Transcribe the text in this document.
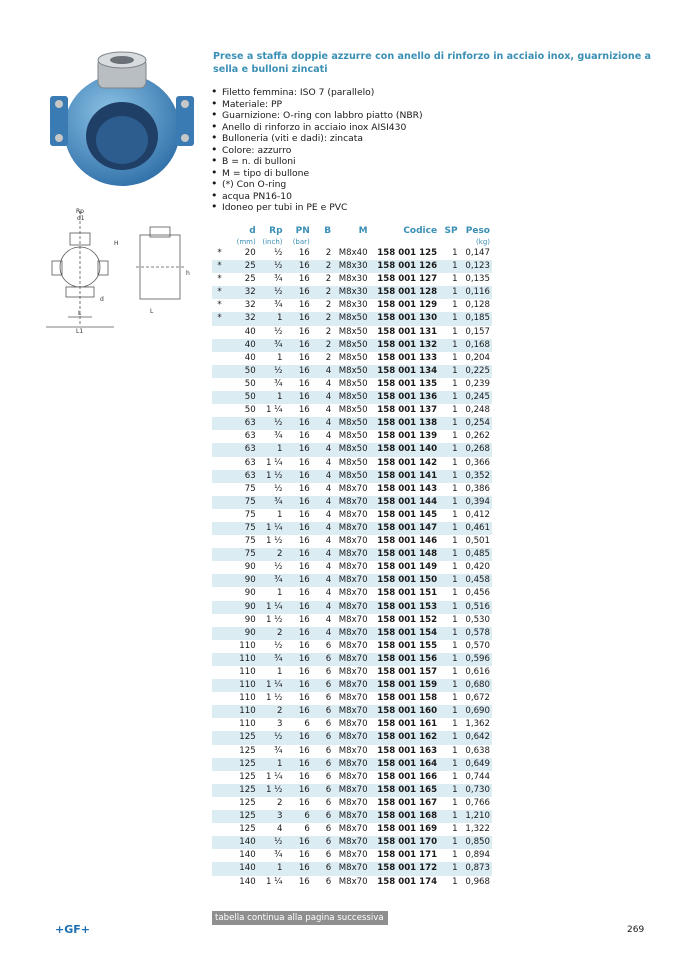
Rp
d1
H
h
L
L1
d
L
Prese a staffa doppie azzurre con anello di rinforzo in acciaio inox, guarnizione a sella e bulloni zincati
• Filetto femmina: ISO 7 (parallelo)
• Materiale: PP
• Guarnizione: O-ring con labbro piatto (NBR)
• Anello di rinforzo in acciaio inox AISI430
• Bulloneria (viti e dadi): zincata
• Colore: azzurro
• B = n. di bulloni
• M = tipo di bullone
• (*) Con O-ring
• acqua PN16-10
• Idoneo per tubi in PE e PVC
	d	Rp	PN	B	M	Codice	SP	Peso
	(mm)	(inch)	(bar)					(kg)
*	20	½	16	2	M8x40	158 001 125	1	0,147
*	25	½	16	2	M8x30	158 001 126	1	0,123
*	25	¾	16	2	M8x30	158 001 127	1	0,135
*	32	½	16	2	M8x30	158 001 128	1	0,116
*	32	¾	16	2	M8x30	158 001 129	1	0,128
*	32	1	16	2	M8x50	158 001 130	1	0,185
	40	½	16	2	M8x50	158 001 131	1	0,157
	40	¾	16	2	M8x50	158 001 132	1	0,168
	40	1	16	2	M8x50	158 001 133	1	0,204
	50	½	16	4	M8x50	158 001 134	1	0,225
	50	¾	16	4	M8x50	158 001 135	1	0,239
	50	1	16	4	M8x50	158 001 136	1	0,245
	50	1 ¼	16	4	M8x50	158 001 137	1	0,248
	63	½	16	4	M8x50	158 001 138	1	0,254
	63	¾	16	4	M8x50	158 001 139	1	0,262
	63	1	16	4	M8x50	158 001 140	1	0,268
	63	1 ¼	16	4	M8x50	158 001 142	1	0,366
	63	1 ½	16	4	M8x50	158 001 141	1	0,352
	75	½	16	4	M8x70	158 001 143	1	0,386
	75	¾	16	4	M8x70	158 001 144	1	0,394
	75	1	16	4	M8x70	158 001 145	1	0,412
	75	1 ¼	16	4	M8x70	158 001 147	1	0,461
	75	1 ½	16	4	M8x70	158 001 146	1	0,501
	75	2	16	4	M8x70	158 001 148	1	0,485
	90	½	16	4	M8x70	158 001 149	1	0,420
	90	¾	16	4	M8x70	158 001 150	1	0,458
	90	1	16	4	M8x70	158 001 151	1	0,456
	90	1 ¼	16	4	M8x70	158 001 153	1	0,516
	90	1 ½	16	4	M8x70	158 001 152	1	0,530
	90	2	16	4	M8x70	158 001 154	1	0,578
	110	½	16	6	M8x70	158 001 155	1	0,570
	110	¾	16	6	M8x70	158 001 156	1	0,596
	110	1	16	6	M8x70	158 001 157	1	0,616
	110	1 ¼	16	6	M8x70	158 001 159	1	0,680
	110	1 ½	16	6	M8x70	158 001 158	1	0,672
	110	2	16	6	M8x70	158 001 160	1	0,690
	110	3	6	6	M8x70	158 001 161	1	1,362
	125	½	16	6	M8x70	158 001 162	1	0,642
	125	¾	16	6	M8x70	158 001 163	1	0,638
	125	1	16	6	M8x70	158 001 164	1	0,649
	125	1 ¼	16	6	M8x70	158 001 166	1	0,744
	125	1 ½	16	6	M8x70	158 001 165	1	0,730
	125	2	16	6	M8x70	158 001 167	1	0,766
	125	3	6	6	M8x70	158 001 168	1	1,210
	125	4	6	6	M8x70	158 001 169	1	1,322
	140	½	16	6	M8x70	158 001 170	1	0,850
	140	¾	16	6	M8x70	158 001 171	1	0,894
	140	1	16	6	M8x70	158 001 172	1	0,873
	140	1 ¼	16	6	M8x70	158 001 174	1	0,968
tabella continua alla pagina successiva
+GF+	269
